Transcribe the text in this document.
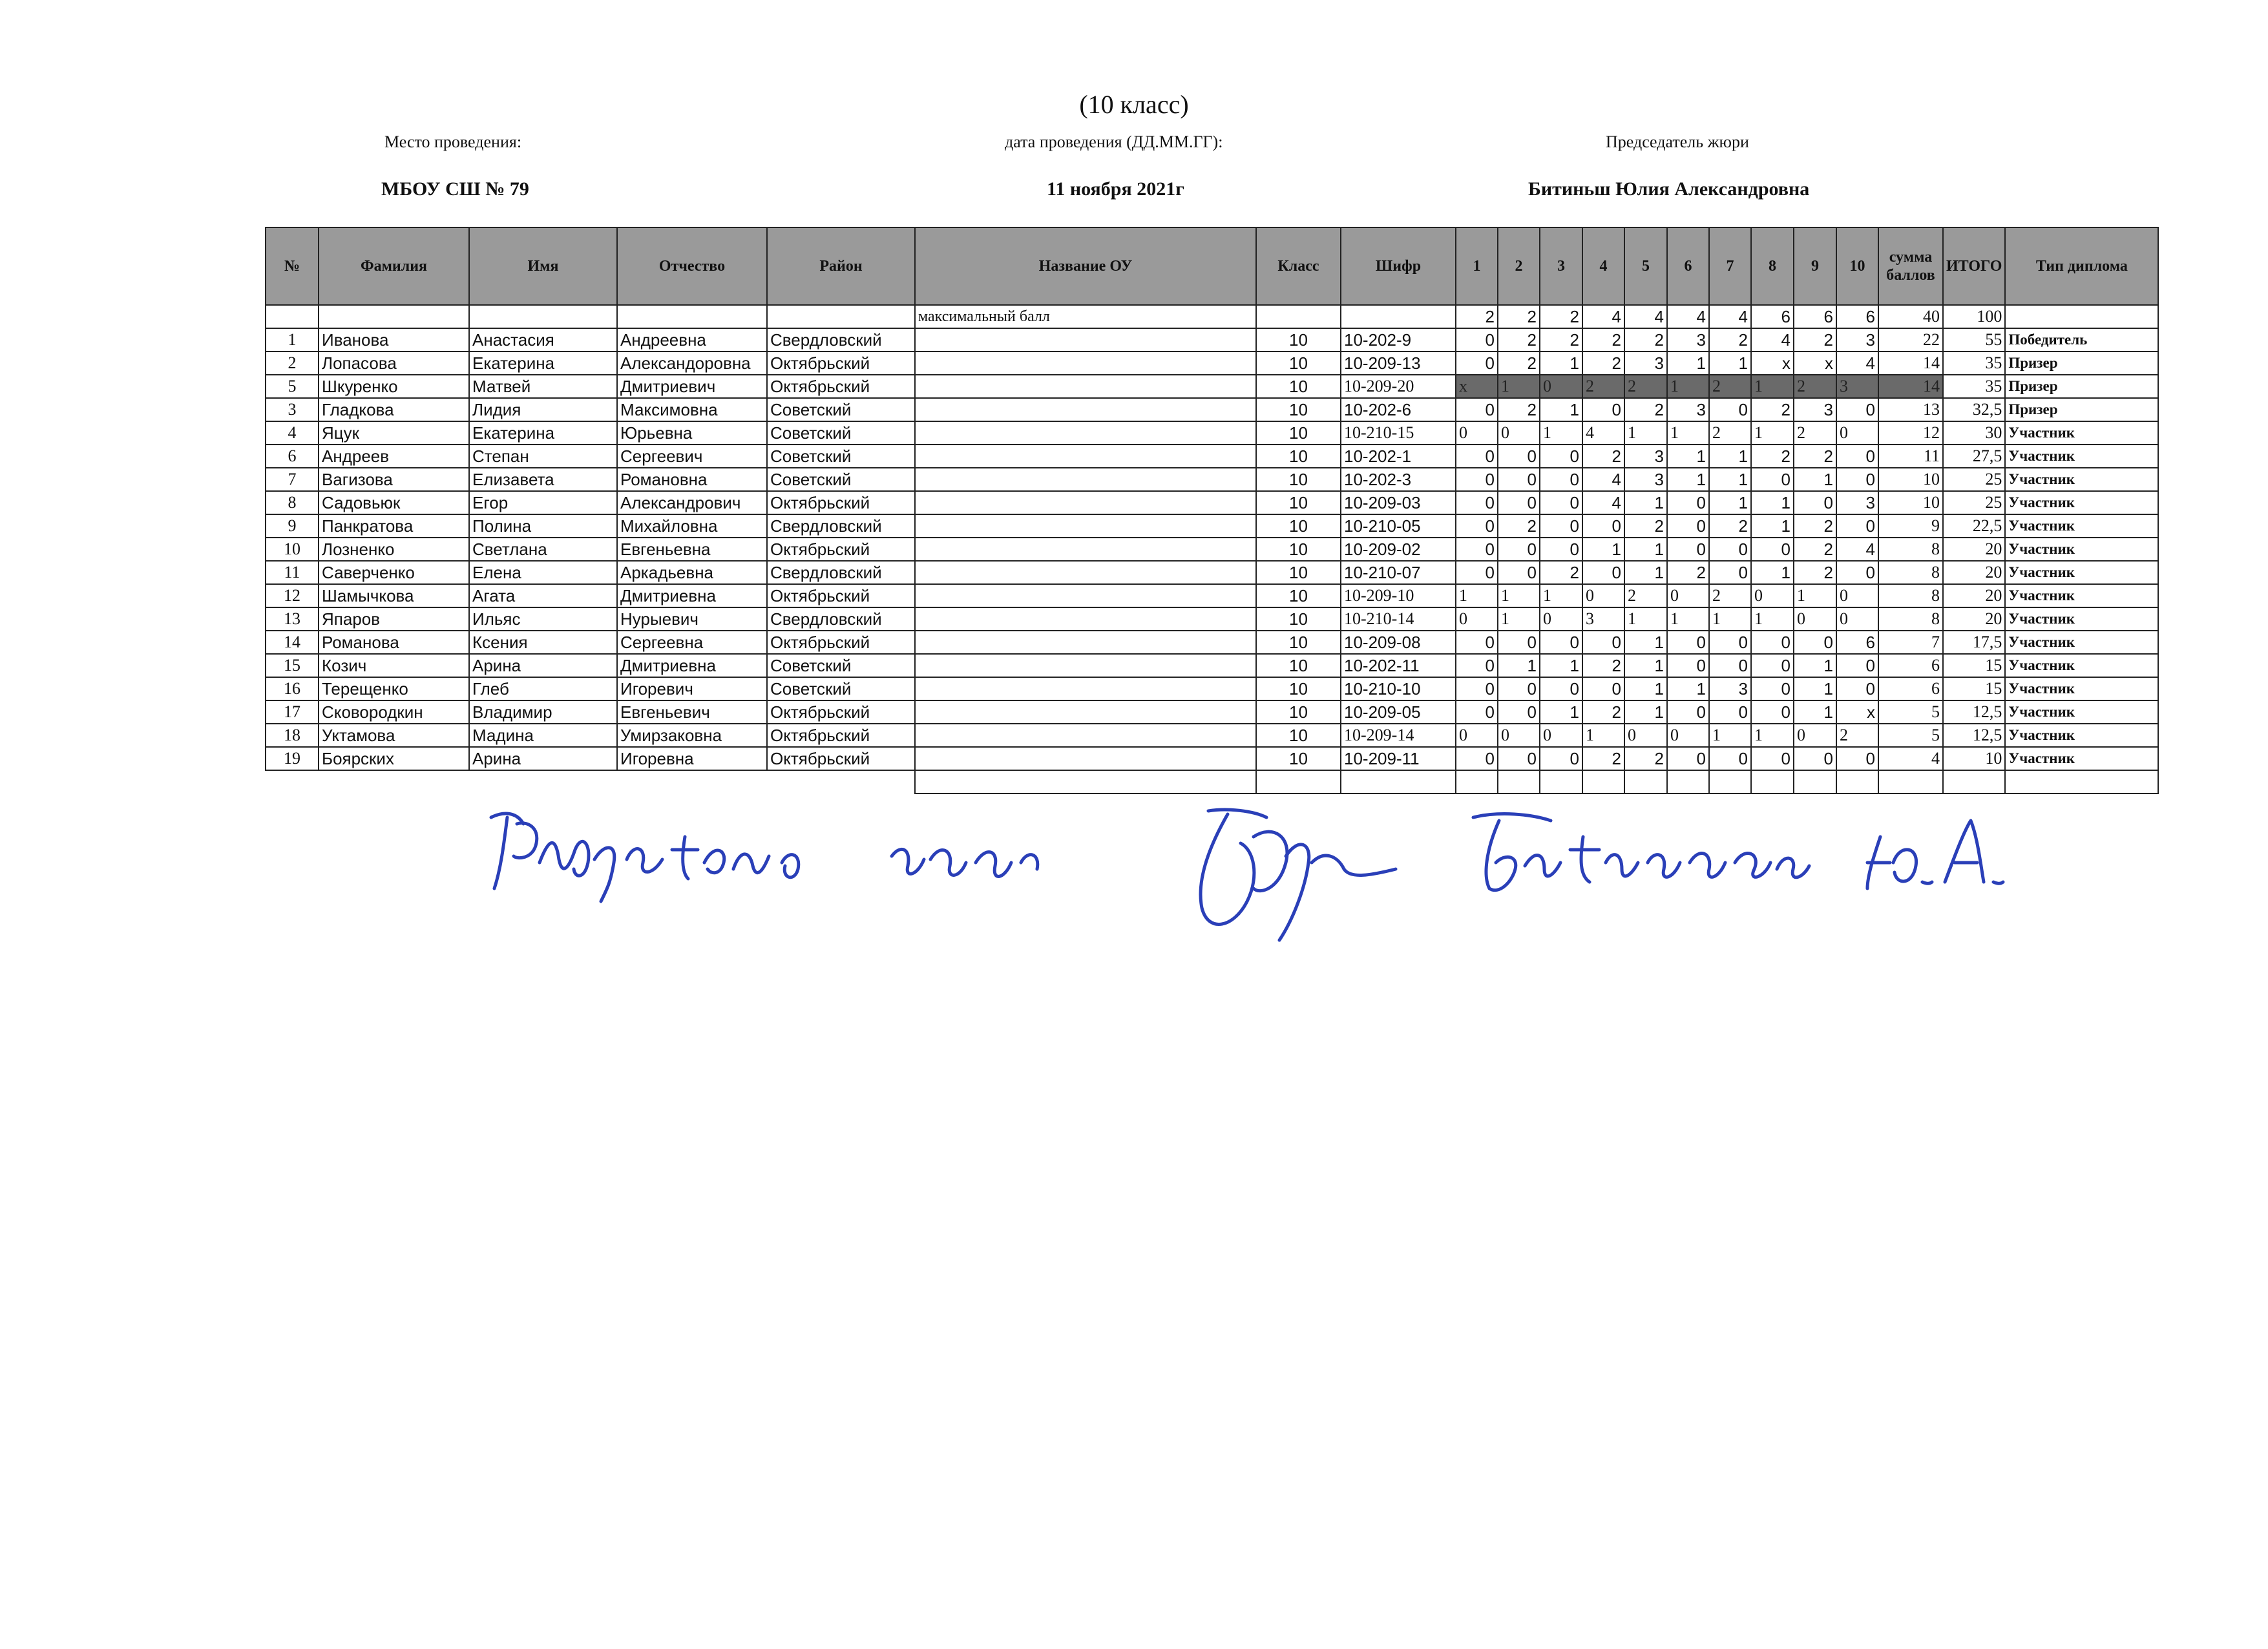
(10 класс)
Место проведения:	дата проведения (ДД.ММ.ГГ):	Председатель жюри
МБОУ СШ № 79	11 ноября 2021г	Битиньш Юлия Александровна
№	Фамилия	Имя	Отчество	Район	Название ОУ	Класс	Шифр	1	2	3	4	5	6	7	8	9	10	сумма баллов	ИТОГО	Тип диплома
					максимальный балл			2	2	2	4	4	4	4	6	6	6	40	100	
1	Иванова	Анастасия	Андреевна	Свердловский		10	10-202-9	0	2	2	2	2	3	2	4	2	3	22	55	Победитель
2	Лопасова	Екатерина	Александоровна	Октябрьский		10	10-209-13	0	2	1	2	3	1	1	x	x	4	14	35	Призер
5	Шкуренко	Матвей	Дмитриевич	Октябрьский		10	10-209-20	x	1	0	2	2	1	2	1	2	3	14	35	Призер
3	Гладкова	Лидия	Максимовна	Советский		10	10-202-6	0	2	1	0	2	3	0	2	3	0	13	32,5	Призер
4	Яцук	Екатерина	Юрьевна	Советский		10	10-210-15	0	0	1	4	1	1	2	1	2	0	12	30	Участник
6	Андреев	Степан	Сергеевич	Советский		10	10-202-1	0	0	0	2	3	1	1	2	2	0	11	27,5	Участник
7	Вагизова	Елизавета	Романовна	Советский		10	10-202-3	0	0	0	4	3	1	1	0	1	0	10	25	Участник
8	Садовьюк	Егор	Александрович	Октябрьский		10	10-209-03	0	0	0	4	1	0	1	1	0	3	10	25	Участник
9	Панкратова	Полина	Михайловна	Свердловский		10	10-210-05	0	2	0	0	2	0	2	1	2	0	9	22,5	Участник
10	Лозненко	Светлана	Евгеньевна	Октябрьский		10	10-209-02	0	0	0	1	1	0	0	0	2	4	8	20	Участник
11	Саверченко	Елена	Аркадьевна	Свердловский		10	10-210-07	0	0	2	0	1	2	0	1	2	0	8	20	Участник
12	Шамычкова	Агата	Дмитриевна	Октябрьский		10	10-209-10	1	1	1	0	2	0	2	0	1	0	8	20	Участник
13	Япаров	Ильяс	Нурыевич	Свердловский		10	10-210-14	0	1	0	3	1	1	1	1	0	0	8	20	Участник
14	Романова	Ксения	Сергеевна	Октябрьский		10	10-209-08	0	0	0	0	1	0	0	0	0	6	7	17,5	Участник
15	Козич	Арина	Дмитриевна	Советский		10	10-202-11	0	1	1	2	1	0	0	0	1	0	6	15	Участник
16	Терещенко	Глеб	Игоревич	Советский		10	10-210-10	0	0	0	0	1	1	3	0	1	0	6	15	Участник
17	Сковородкин	Владимир	Евгеньевич	Октябрьский		10	10-209-05	0	0	1	2	1	0	0	0	1	x	5	12,5	Участник
18	Уктамова	Мадина	Умирзаковна	Октябрьский		10	10-209-14	0	0	0	1	0	0	1	1	0	2	5	12,5	Участник
19	Боярских	Арина	Игоревна	Октябрьский		10	10-209-11	0	0	0	2	2	0	0	0	0	0	4	10	Участник
